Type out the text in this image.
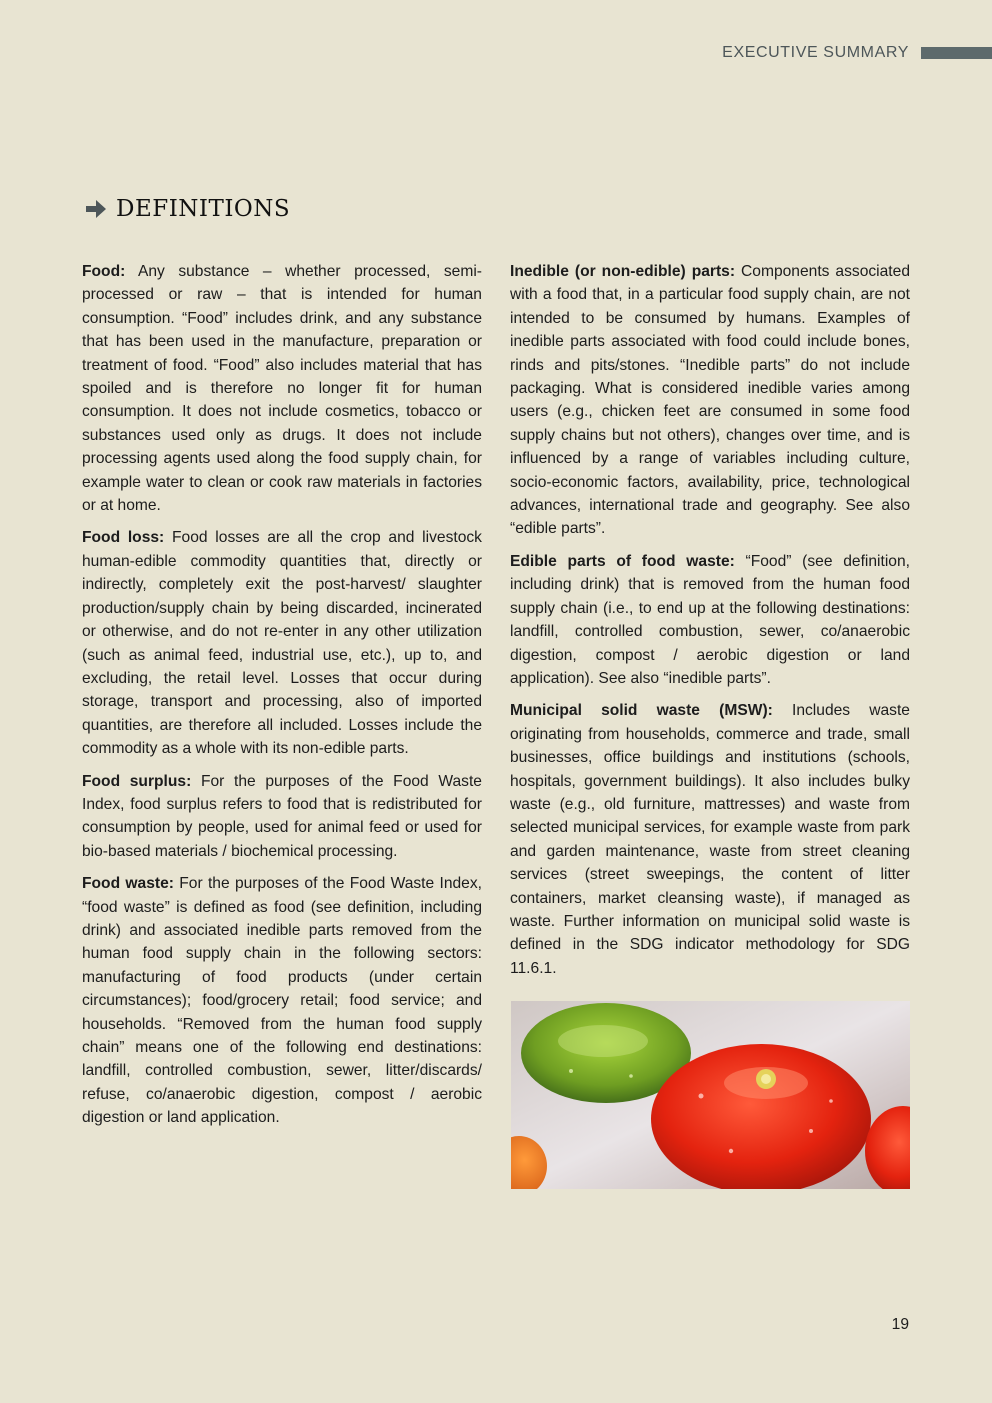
EXECUTIVE SUMMARY
DEFINITIONS

Food: Any substance – whether processed, semi-processed or raw – that is intended for human consumption. “Food” includes drink, and any substance that has been used in the manufacture, preparation or treatment of food. “Food” also includes material that has spoiled and is therefore no longer fit for human consumption. It does not include cosmetics, tobacco or substances used only as drugs. It does not include processing agents used along the food supply chain, for example water to clean or cook raw materials in factories or at home.

Food loss: Food losses are all the crop and livestock human-edible commodity quantities that, directly or indirectly, completely exit the post-harvest/ slaughter production/supply chain by being discarded, incinerated or otherwise, and do not re-enter in any other utilization (such as animal feed, industrial use, etc.), up to, and excluding, the retail level. Losses that occur during storage, transport and processing, also of imported quantities, are therefore all included. Losses include the commodity as a whole with its non-edible parts.

Food surplus: For the purposes of the Food Waste Index, food surplus refers to food that is redistributed for consumption by people, used for animal feed or used for bio-based materials / biochemical processing.

Food waste: For the purposes of the Food Waste Index, “food waste” is defined as food (see definition, including drink) and associated inedible parts removed from the human food supply chain in the following sectors: manufacturing of food products (under certain circumstances); food/grocery retail; food service; and households. “Removed from the human food supply chain” means one of the following end destinations: landfill, controlled combustion, sewer, litter/discards/ refuse, co/anaerobic digestion, compost / aerobic digestion or land application.

Inedible (or non-edible) parts: Components associated with a food that, in a particular food supply chain, are not intended to be consumed by humans. Examples of inedible parts associated with food could include bones, rinds and pits/stones. “Inedible parts” do not include packaging. What is considered inedible varies among users (e.g., chicken feet are consumed in some food supply chains but not others), changes over time, and is influenced by a range of variables including culture, socio-economic factors, availability, price, technological advances, international trade and geography. See also “edible parts”.

Edible parts of food waste: “Food” (see definition, including drink) that is removed from the human food supply chain (i.e., to end up at the following destinations: landfill, controlled combustion, sewer, co/anaerobic digestion, compost / aerobic digestion or land application). See also “inedible parts”.

Municipal solid waste (MSW): Includes waste originating from households, commerce and trade, small businesses, office buildings and institutions (schools, hospitals, government buildings). It also includes bulky waste (e.g., old furniture, mattresses) and waste from selected municipal services, for example waste from park and garden maintenance, waste from street cleaning services (street sweepings, the content of litter containers, market cleansing waste), if managed as waste. Further information on municipal solid waste is defined in the SDG indicator methodology for SDG 11.6.1.

19
